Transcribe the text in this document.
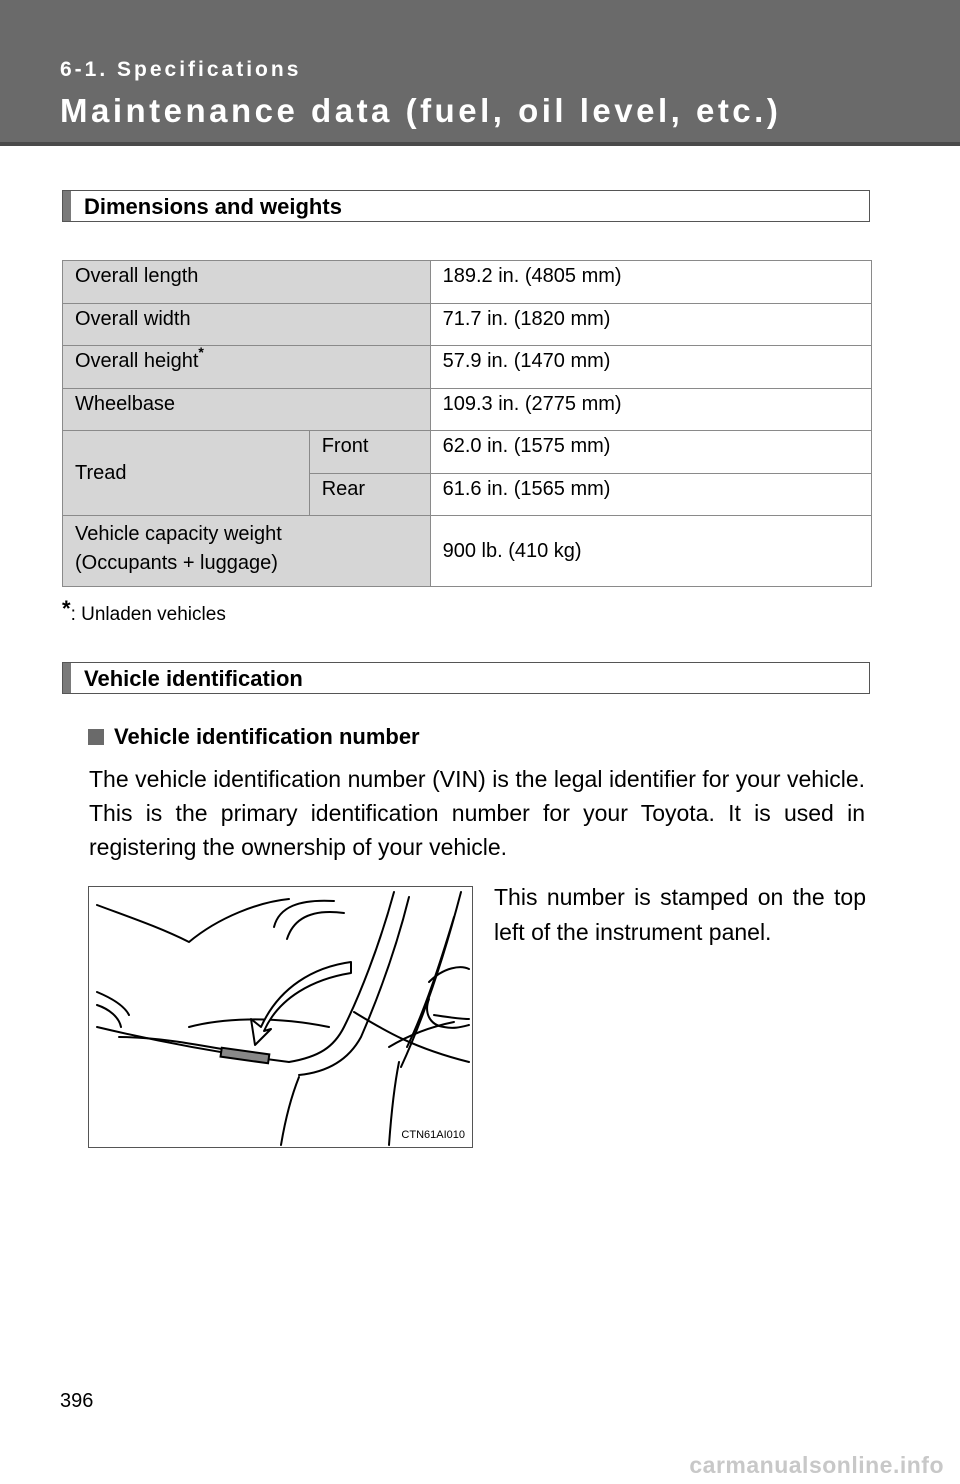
6-1. Specifications
Maintenance data (fuel, oil level, etc.)
Dimensions and weights
Overall length		189.2 in. (4805 mm)
Overall width		71.7 in. (1820 mm)
Overall height*		57.9 in. (1470 mm)
Wheelbase		109.3 in. (2775 mm)
Tread	Front	62.0 in. (1575 mm)
	Rear	61.6 in. (1565 mm)
Vehicle capacity weight
(Occupants + luggage)		900 lb. (410 kg)
*: Unladen vehicles
Vehicle identification
Vehicle identification number
The vehicle identification number (VIN) is the legal identifier for your vehicle. This is the primary identification number for your Toyota. It is used in registering the ownership of your vehicle.
CTN61AI010
This number is stamped on the top left of the instrument panel.
396
carmanualsonline.info
